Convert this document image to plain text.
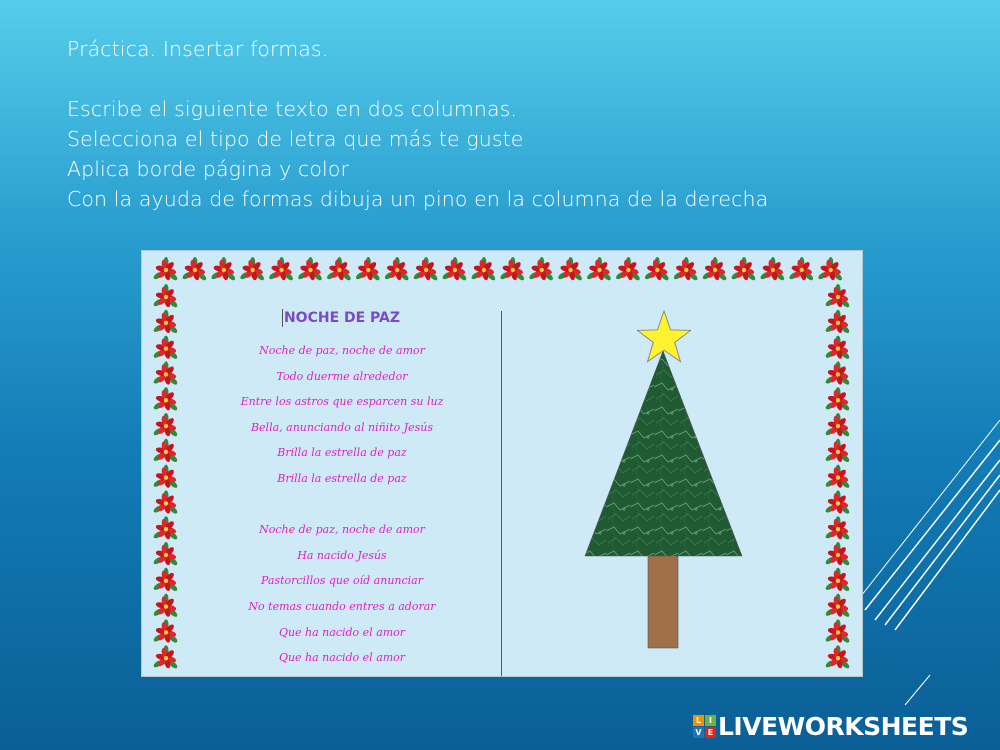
Práctica. Insertar formas.
Escribe el siguiente texto en dos columnas.
Selecciona el tipo de letra que más te guste
Aplica borde página y color
Con la ayuda de formas dibuja un pino en la columna de la derecha
NOCHE DE PAZ
Noche de paz, noche de amor
Todo duerme alrededor
Entre los astros que esparcen su luz
Bella, anunciando al niñito Jesús
Brilla la estrella de paz
Brilla la estrella de paz
Noche de paz, noche de amor
Ha nacido Jesús
Pastorcillos que oíd anunciar
No temas cuando entres a adorar
Que ha nacido el amor
Que ha nacido el amor
L I
V E LIVEWORKSHEETS
